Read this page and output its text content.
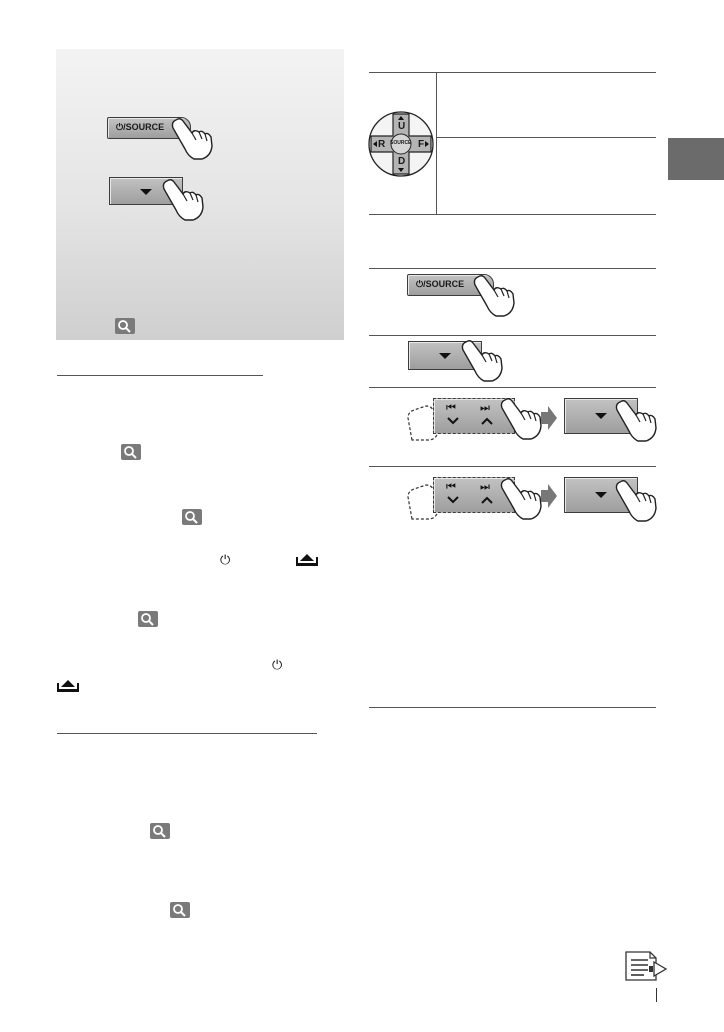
⏻/SOURCE
⏻
⏻
U
D
R	F
SOURCE
⏻/SOURCE
⏮ ⏭
⏮ ⏭
